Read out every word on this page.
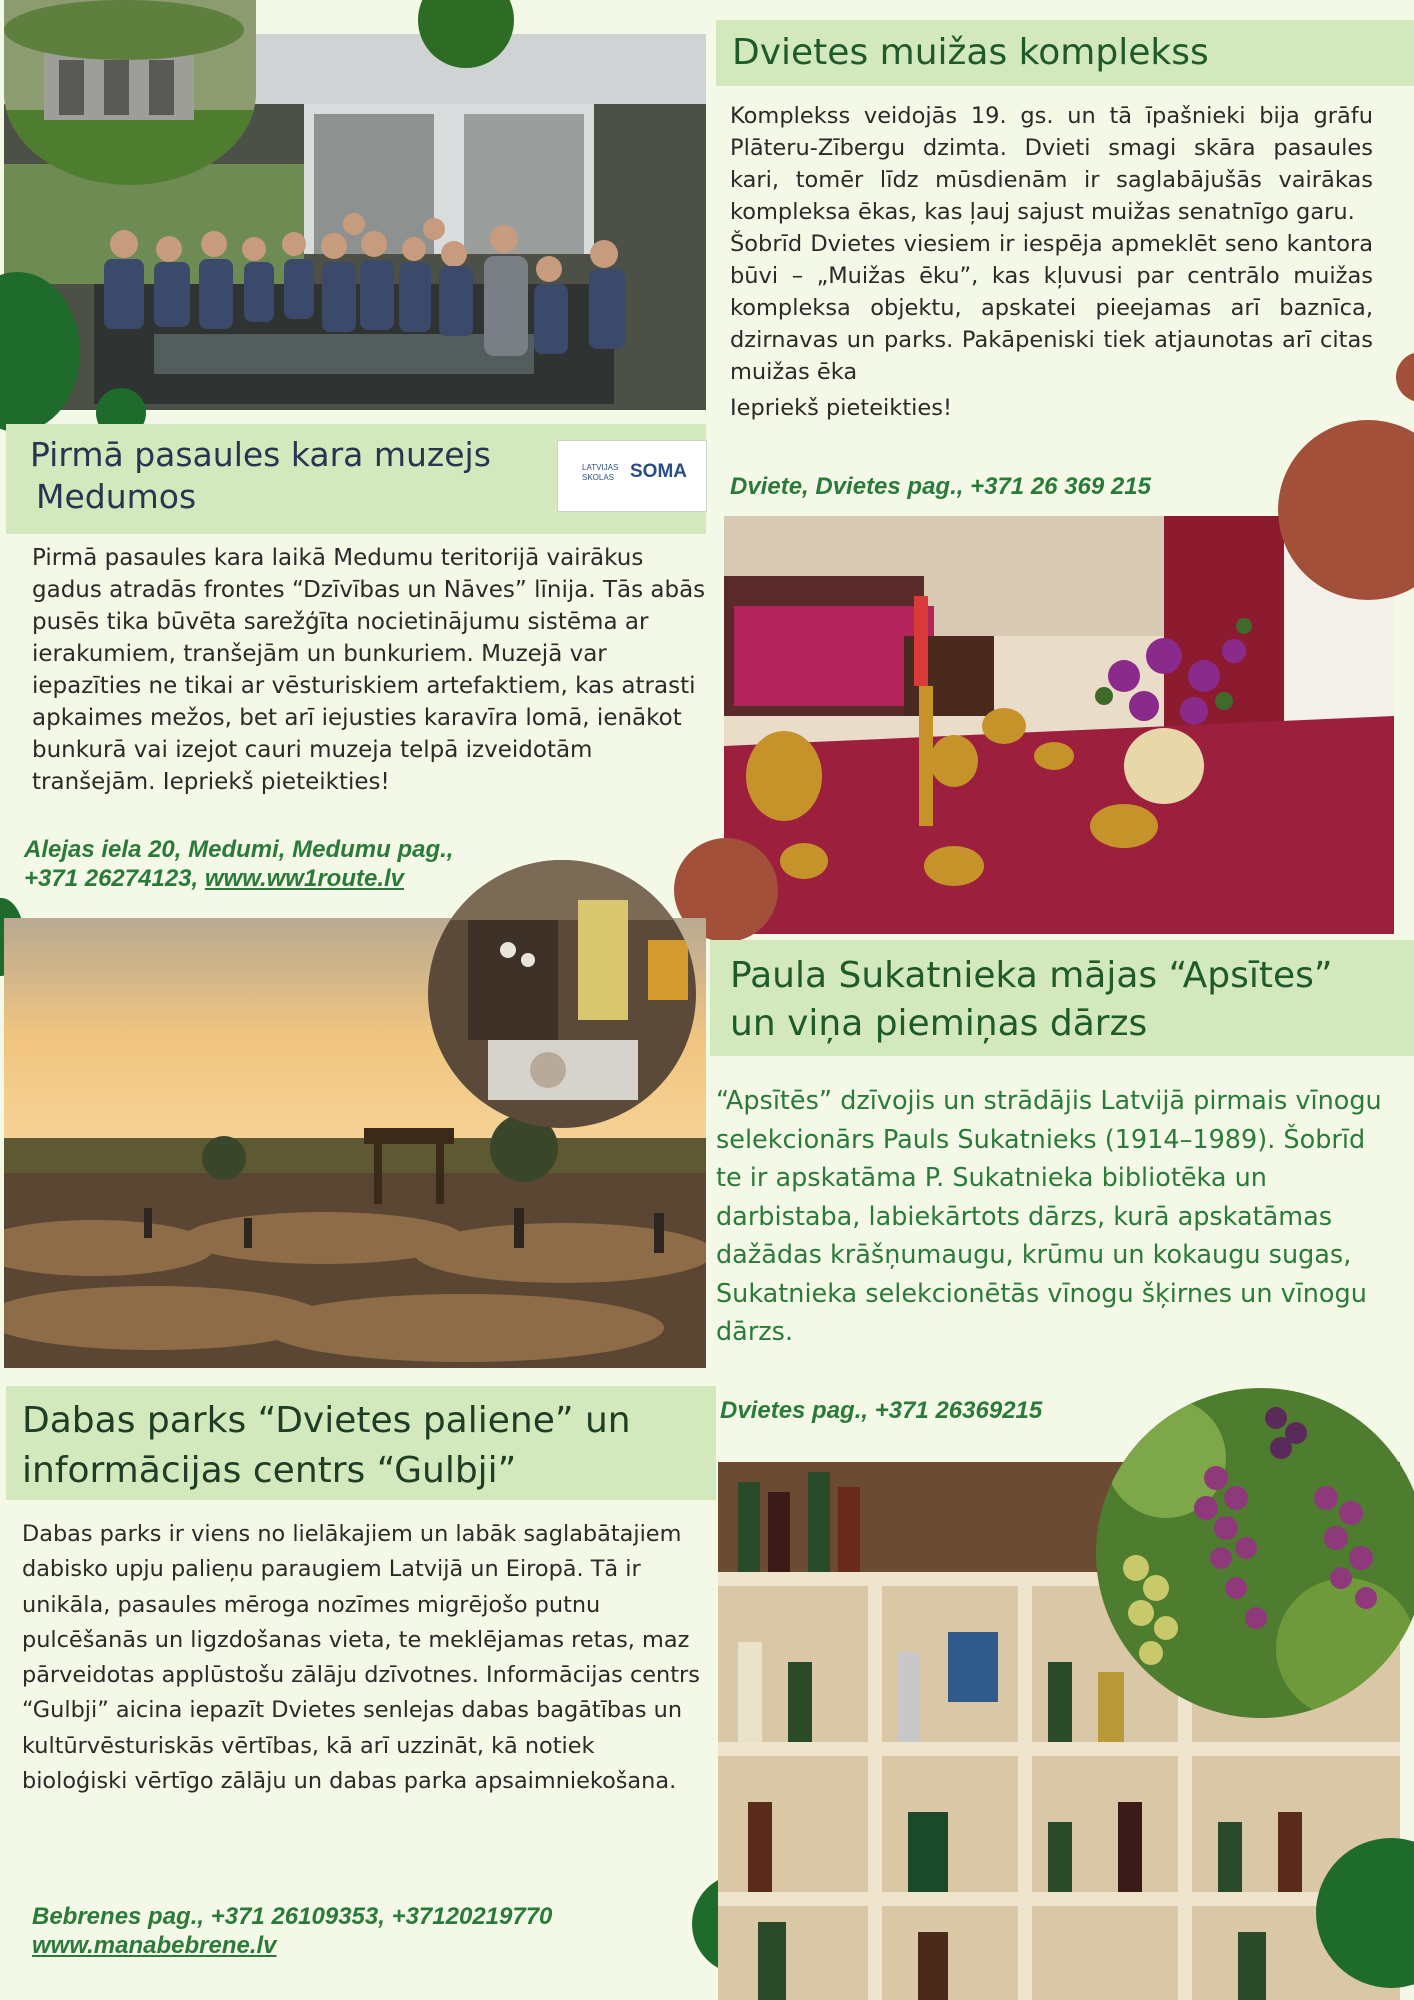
Pirmā pasaules kara muzejs
Medumos
LATVIJAS SKOLAS SOMA

Pirmā pasaules kara laikā Medumu teritorijā vairākus gadus atradās frontes “Dzīvības un Nāves” līnija. Tās abās pusēs tika būvēta sarežģīta nocietinājumu sistēma ar ierakumiem, tranšejām un bunkuriem. Muzejā var iepazīties ne tikai ar vēsturiskiem artefaktiem, kas atrasti apkaimes mežos, bet arī iejusties karavīra lomā, ienākot bunkurā vai izejot cauri muzeja telpā izveidotām tranšejām. Iepriekš pieteikties!

Alejas iela 20, Medumi, Medumu pag.,
+371 26274123, www.ww1route.lv
Dvietes muižas komplekss
Komplekss veidojās 19. gs. un tā īpašnieki bija grāfu Plāteru-Zībergu dzimta. Dvieti smagi skāra pasaules kari, tomēr līdz mūsdienām ir saglabājušās vairākas kompleksa ēkas, kas ļauj sajust muižas senatnīgo garu.
Šobrīd Dvietes viesiem ir iespēja apmeklēt seno kantora būvi – „Muižas ēku”, kas kļuvusi par centrālo muižas kompleksa objektu, apskatei pieejamas arī baznīca, dzirnavas un parks. Pakāpeniski tiek atjaunotas arī citas muižas ēka
Iepriekš pieteikties!
Dviete, Dvietes pag., +371 26 369 215
Paula Sukatnieka mājas “Apsītes”
un viņa piemiņas dārzs

“Apsītēs” dzīvojis un strādājis Latvijā pirmais vīnogu selekcionārs Pauls Sukatnieks (1914–1989). Šobrīd te ir apskatāma P. Sukatnieka bibliotēka un darbistaba, labiekārtots dārzs, kurā apskatāmas dažādas krāšņumaugu, krūmu un kokaugu sugas, Sukatnieka selekcionētās vīnogu šķirnes un vīnogu dārzs.

Dvietes pag., +371 26369215
Dabas parks “Dvietes paliene” un
informācijas centrs “Gulbji”

Dabas parks ir viens no lielākajiem un labāk saglabātajiem dabisko upju palieņu paraugiem Latvijā un Eiropā. Tā ir unikāla, pasaules mēroga nozīmes migrējošo putnu pulcēšanās un ligzdošanas vieta, te meklējamas retas, maz pārveidotas applūstošu zālāju dzīvotnes. Informācijas centrs “Gulbji” aicina iepazīt Dvietes senlejas dabas bagātības un kultūrvēsturiskās vērtības, kā arī uzzināt, kā notiek bioloģiski vērtīgo zālāju un dabas parka apsaimniekošana.

Bebrenes pag., +371 26109353, +37120219770
www.manabebrene.lv
